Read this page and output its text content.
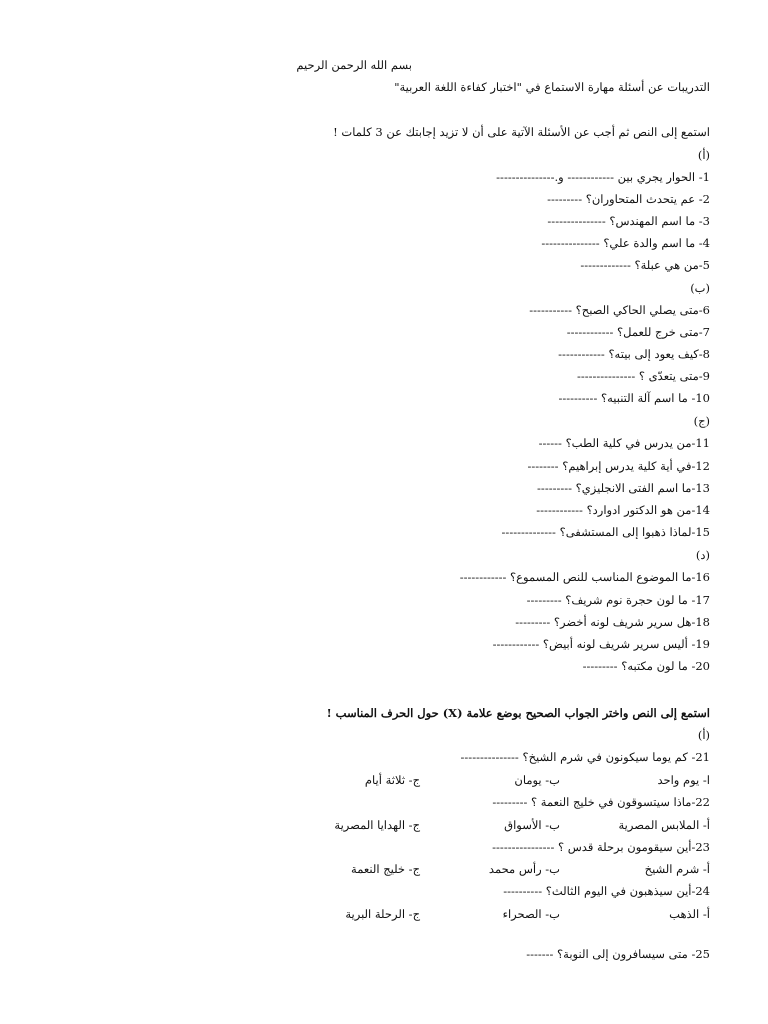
بسم الله الرحمن الرحيم

التدريبات عن أسئلة مهارة الاستماع في "اختبار كفاءة اللغة العربية"

استمع إلى النص ثم أجب عن الأسئلة الآتية على أن لا تزيد إجابتك عن 3 كلمات !

(أ)

1- الحوار يجري بين ------------ و.---------------

2- عم يتحدث المتحاوران؟ ---------

3- ما اسم المهندس؟ ---------------

4- ما اسم والدة علي؟ ---------------

5-من هي عبلة؟ -------------

(ب)

6-متى يصلي الحاكي الصبح؟ -----------

7-متى خرج للعمل؟ ------------

8-كيف يعود إلى بيته؟ ------------

9-متى يتعدّى ؟ ---------------

10- ما اسم آلة التنبيه؟ ----------

(ج)

11-من يدرس في كلية الطب؟ ------

12-في أية كلية يدرس إبراهيم؟ --------

13-ما اسم الفتى الانجليزي؟ ---------

14-من هو الدكتور ادوارد؟ ------------

15-لماذا ذهبوا إلى المستشفى؟ --------------

(د)

16-ما الموضوع المناسب للنص المسموع؟ ------------

17- ما لون حجرة نوم شريف؟ ---------

18-هل سرير شريف لونه أخضر؟ ---------

19- أليس سرير شريف لونه أبيض؟ ------------

20- ما لون مكتبه؟ ---------

استمع إلى النص واختر الجواب الصحيح بوضع علامة (X) حول الحرف المناسب !

(أ)

21- كم يوما سيكونون في شرم الشيخ؟ ---------------

ا- يوم واحد
ب- يومان
ج- ثلاثة أيام

22-ماذا سيتسوقون في خليج النعمة ؟ ---------

أ- الملابس المصرية
ب- الأسواق
ج- الهدايا المصرية

23-أين سيقومون برحلة قدس ؟ ----------------

أ- شرم الشيخ
ب- رأس محمد
ج- خليج النعمة

24-أين سيذهبون في اليوم الثالث؟ ----------

أ- الذهب
ب- الصحراء
ج- الرحلة البرية

25- متى سيسافرون إلى النوبة؟ -------
